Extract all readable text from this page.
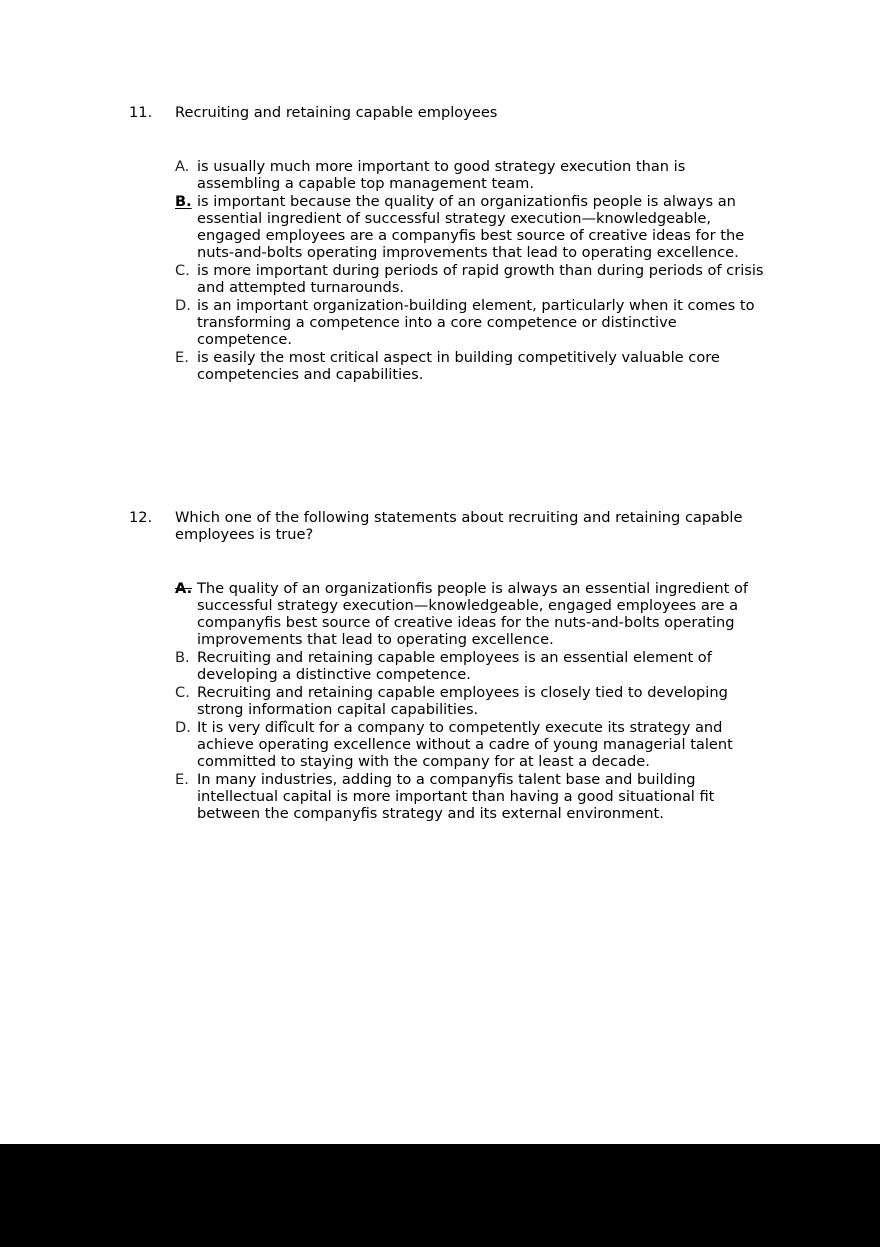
11. Recruiting and retaining capable employees
A. is usually much more important to good strategy execution than is assembling a capable top management team.
B. is important because the quality of an organizationfis people is always an essential ingredient of successful strategy execution—knowledgeable, engaged employees are a companyfis best source of creative ideas for the nuts-and-bolts operating improvements that lead to operating excellence.
C. is more important during periods of rapid growth than during periods of crisis and attempted turnarounds.
D. is an important organization-building element, particularly when it comes to transforming a competence into a core competence or distinctive competence.
E. is easily the most critical aspect in building competitively valuable core competencies and capabilities.
12. Which one of the following statements about recruiting and retaining capable employees is true?
A. The quality of an organizationfis people is always an essential ingredient of successful strategy execution—knowledgeable, engaged employees are a companyfis best source of creative ideas for the nuts-and-bolts operating improvements that lead to operating excellence.
B. Recruiting and retaining capable employees is an essential element of developing a distinctive competence.
C. Recruiting and retaining capable employees is closely tied to developing strong information capital capabilities.
D. It is very difîcult for a company to competently execute its strategy and achieve operating excellence without a cadre of young managerial talent committed to staying with the company for at least a decade.
E. In many industries, adding to a companyfis talent base and building intellectual capital is more important than having a good situational fit between the companyfis strategy and its external environment.
